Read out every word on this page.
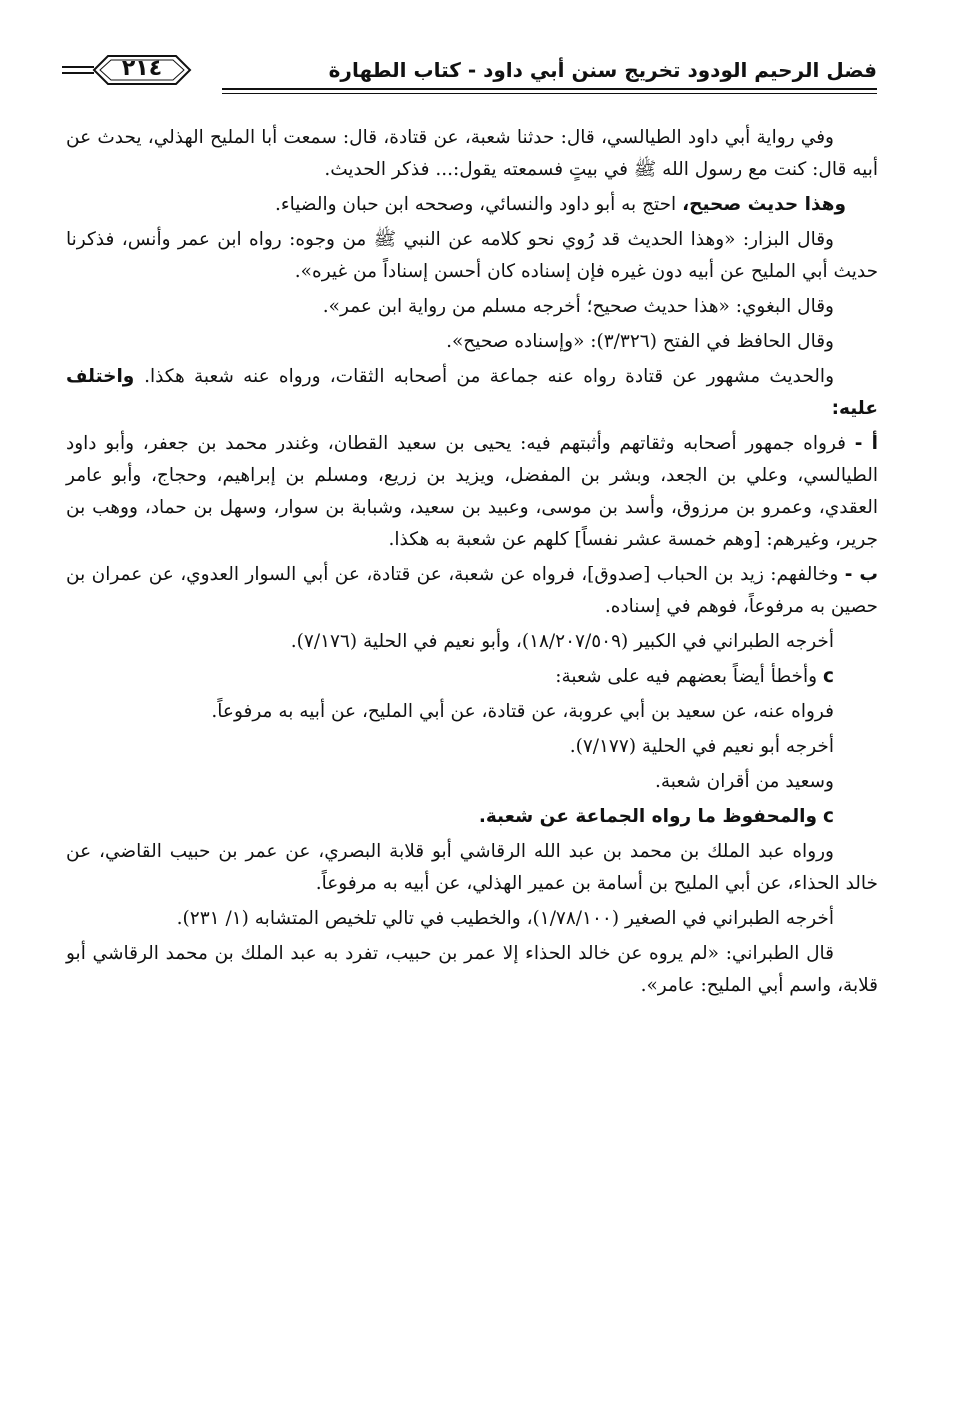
فضل الرحيم الودود تخريج سنن أبي داود - كتاب الطهارة
٢١٤

وفي رواية أبي داود الطيالسي، قال: حدثنا شعبة، عن قتادة، قال: سمعت أبا المليح الهذلي، يحدث عن أبيه قال: كنت مع رسول الله ﷺ في بيتٍ فسمعته يقول:... فذكر الحديث.

وهذا حديث صحيح، احتج به أبو داود والنسائي، وصححه ابن حبان والضياء.

وقال البزار: «وهذا الحديث قد رُوي نحو كلامه عن النبي ﷺ من وجوه: رواه ابن عمر وأنس، فذكرنا حديث أبي المليح عن أبيه دون غيره فإن إسناده كان أحسن إسناداً من غيره».

وقال البغوي: «هذا حديث صحيح؛ أخرجه مسلم من رواية ابن عمر».

وقال الحافظ في الفتح (٣/٣٢٦): «وإسناده صحيح».

والحديث مشهور عن قتادة رواه عنه جماعة من أصحابه الثقات، ورواه عنه شعبة هكذا. واختلف عليه:

أ - فرواه جمهور أصحابه وثقاتهم وأثبتهم فيه: يحيى بن سعيد القطان، وغندر محمد بن جعفر، وأبو داود الطيالسي، وعلي بن الجعد، وبشر بن المفضل، ويزيد بن زريع، ومسلم بن إبراهيم، وحجاج، وأبو عامر العقدي، وعمرو بن مرزوق، وأسد بن موسى، وعبيد بن سعيد، وشبابة بن سوار، وسهل بن حماد، ووهب بن جرير، وغيرهم: [وهم خمسة عشر نفساً] كلهم عن شعبة به هكذا.

ب - وخالفهم: زيد بن الحباب [صدوق]، فرواه عن شعبة، عن قتادة، عن أبي السوار العدوي، عن عمران بن حصين به مرفوعاً، فوهم في إسناده.

أخرجه الطبراني في الكبير (١٨/٢٠٧/٥٠٩)، وأبو نعيم في الحلية (٧/١٧٦).

cوأخطأ أيضاً بعضهم فيه على شعبة:

فرواه عنه، عن سعيد بن أبي عروبة، عن قتادة، عن أبي المليح، عن أبيه به مرفوعاً.

أخرجه أبو نعيم في الحلية (٧/١٧٧).

وسعيد من أقران شعبة.

cوالمحفوظ ما رواه الجماعة عن شعبة.

ورواه عبد الملك بن محمد بن عبد الله الرقاشي أبو قلابة البصري، عن عمر بن حبيب القاضي، عن خالد الحذاء، عن أبي المليح بن أسامة بن عمير الهذلي، عن أبيه به مرفوعاً.

أخرجه الطبراني في الصغير (١/٧٨/١٠٠)، والخطيب في تالي تلخيص المتشابه (١/ ٢٣١).

قال الطبراني: «لم يروه عن خالد الحذاء إلا عمر بن حبيب، تفرد به عبد الملك بن محمد الرقاشي أبو قلابة، واسم أبي المليح: عامر».
